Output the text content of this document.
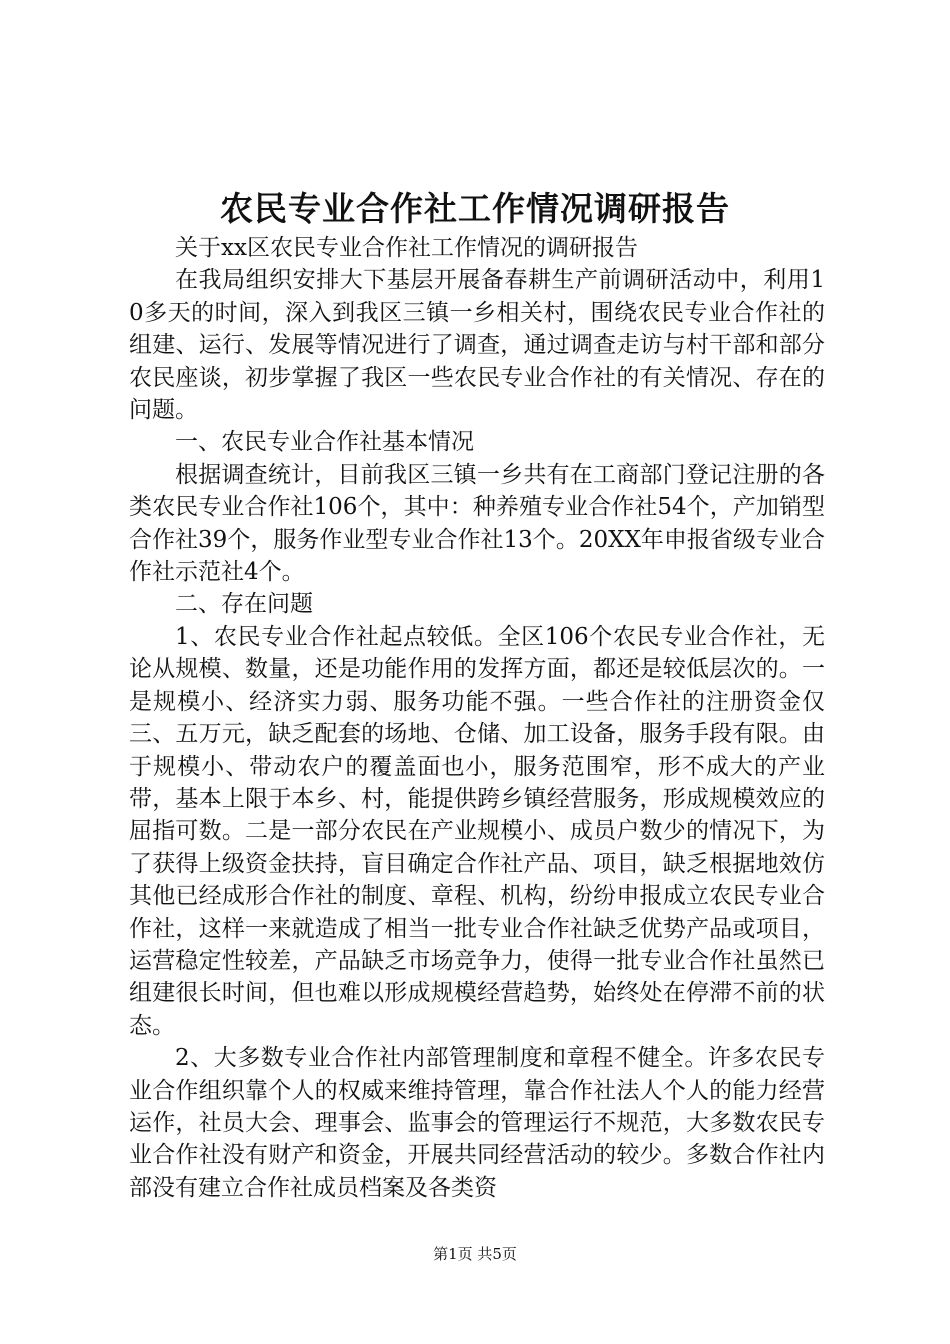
农民专业合作社工作情况调研报告

关于xx区农民专业合作社工作情况的调研报告

在我局组织安排大下基层开展备春耕生产前调研活动中，利用10多天的时间，深入到我区三镇一乡相关村，围绕农民专业合作社的组建、运行、发展等情况进行了调查，通过调查走访与村干部和部分农民座谈，初步掌握了我区一些农民专业合作社的有关情况、存在的问题。

一、农民专业合作社基本情况

根据调查统计，目前我区三镇一乡共有在工商部门登记注册的各类农民专业合作社106个，其中：种养殖专业合作社54个，产加销型合作社39个，服务作业型专业合作社13个。20XX年申报省级专业合作社示范社4个。

二、存在问题

1、农民专业合作社起点较低。全区106个农民专业合作社，无论从规模、数量，还是功能作用的发挥方面，都还是较低层次的。一是规模小、经济实力弱、服务功能不强。一些合作社的注册资金仅三、五万元，缺乏配套的场地、仓储、加工设备，服务手段有限。由于规模小、带动农户的覆盖面也小，服务范围窄，形不成大的产业带，基本上限于本乡、村，能提供跨乡镇经营服务，形成规模效应的屈指可数。二是一部分农民在产业规模小、成员户数少的情况下，为了获得上级资金扶持，盲目确定合作社产品、项目，缺乏根据地效仿其他已经成形合作社的制度、章程、机构，纷纷申报成立农民专业合作社，这样一来就造成了相当一批专业合作社缺乏优势产品或项目，运营稳定性较差，产品缺乏市场竞争力，使得一批专业合作社虽然已组建很长时间，但也难以形成规模经营趋势，始终处在停滞不前的状态。

2、大多数专业合作社内部管理制度和章程不健全。许多农民专业合作组织靠个人的权威来维持管理，靠合作社法人个人的能力经营运作，社员大会、理事会、监事会的管理运行不规范，大多数农民专业合作社没有财产和资金，开展共同经营活动的较少。多数合作社内部没有建立合作社成员档案及各类资

第1页 共5页
